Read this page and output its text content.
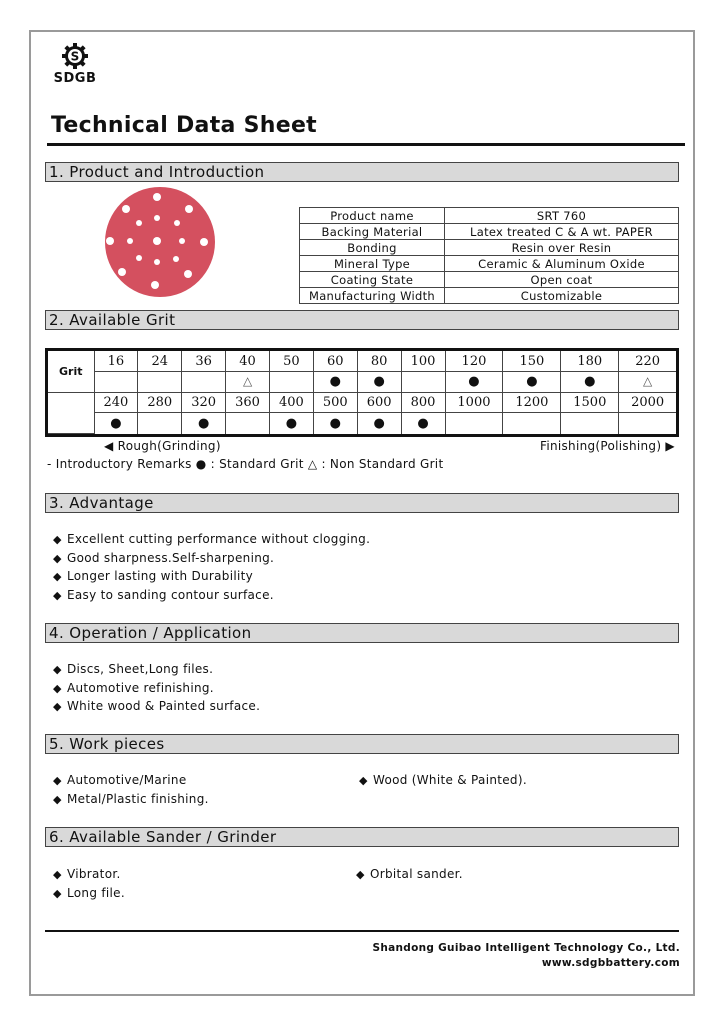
S
SDGB
Technical Data Sheet
1. Product and Introduction
Product name	SRT 760
Backing Material	Latex treated C & A wt. PAPER
Bonding	Resin over Resin
Mineral Type	Ceramic & Aluminum Oxide
Coating State	Open coat
Manufacturing Width	Customizable
2. Available Grit
Grit	16	24	36	40	50	60	80	100	120	150	180	220
				△		●	●		●	●	●	△
	240	280	320	360	400	500	600	800	1000	1200	1500	2000
	●		●		●	●	●	●				
◀ Rough(Grinding)	Finishing(Polishing) ▶
- Introductory Remarks ● : Standard Grit △ : Non Standard Grit
3. Advantage
◆ Excellent cutting performance without clogging.
◆ Good sharpness.Self-sharpening.
◆ Longer lasting with Durability
◆ Easy to sanding contour surface.
4. Operation / Application
◆ Discs, Sheet,Long files.
◆ Automotive refinishing.
◆ White wood & Painted surface.
5. Work pieces
◆ Automotive/Marine
◆ Metal/Plastic finishing.
◆ Wood (White & Painted).
6. Available Sander / Grinder
◆ Vibrator.
◆ Long file.
◆ Orbital sander.
Shandong Guibao Intelligent Technology Co., Ltd.
www.sdgbbattery.com
